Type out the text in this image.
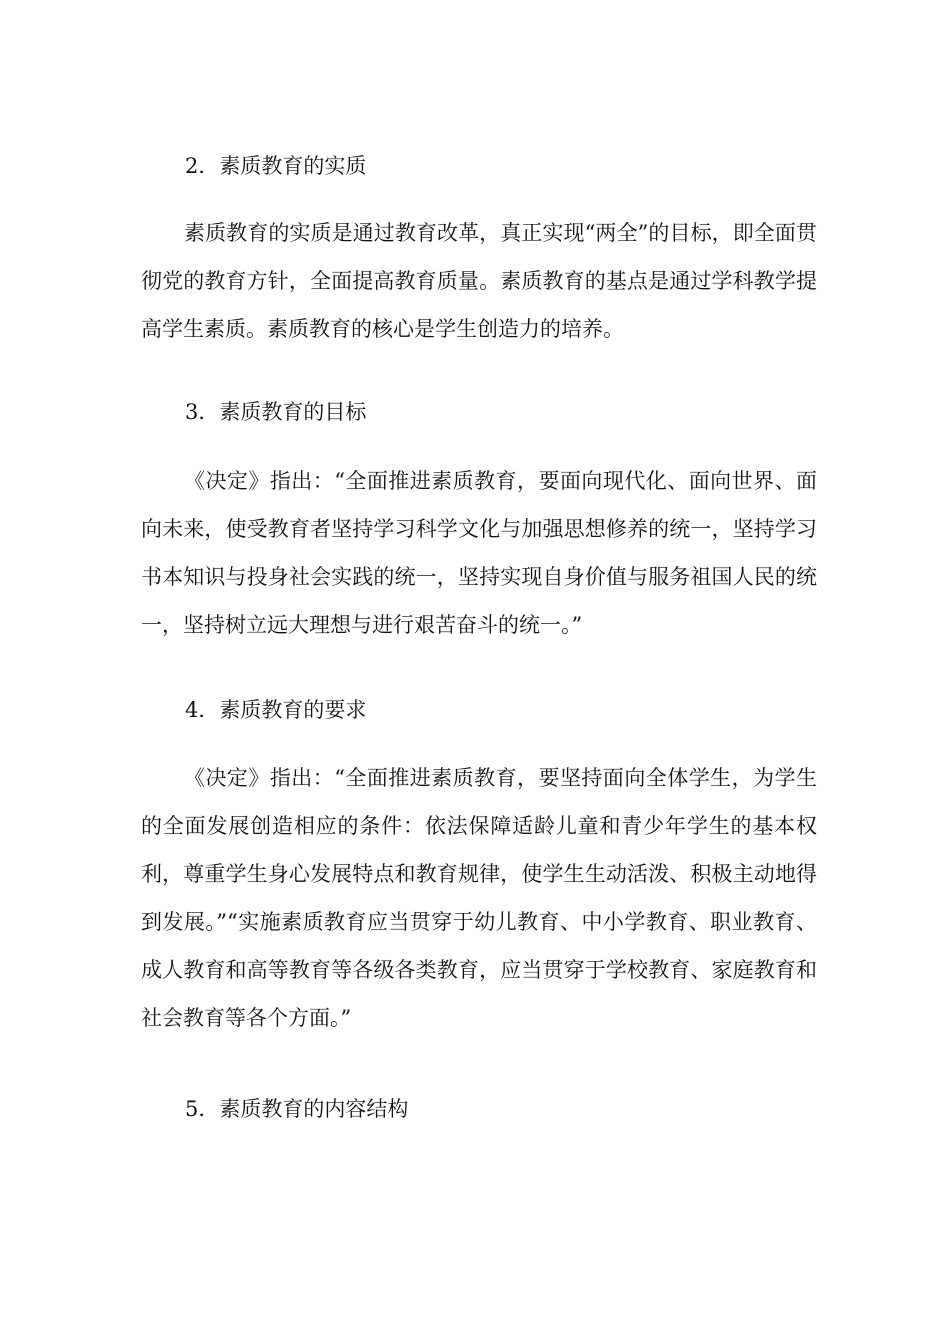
2．素质教育的实质

素质教育的实质是通过教育改革，真正实现“两全”的目标，即全面贯彻党的教育方针，全面提高教育质量。素质教育的基点是通过学科教学提高学生素质。素质教育的核心是学生创造力的培养。

3．素质教育的目标

《决定》指出：“全面推进素质教育，要面向现代化、面向世界、面向未来，使受教育者坚持学习科学文化与加强思想修养的统一，坚持学习书本知识与投身社会实践的统一，坚持实现自身价值与服务祖国人民的统一，坚持树立远大理想与进行艰苦奋斗的统一。”

4．素质教育的要求

《决定》指出：“全面推进素质教育，要坚持面向全体学生，为学生的全面发展创造相应的条件：依法保障适龄儿童和青少年学生的基本权利，尊重学生身心发展特点和教育规律，使学生生动活泼、积极主动地得到发展。”“实施素质教育应当贯穿于幼儿教育、中小学教育、职业教育、成人教育和高等教育等各级各类教育，应当贯穿于学校教育、家庭教育和社会教育等各个方面。”

5．素质教育的内容结构
